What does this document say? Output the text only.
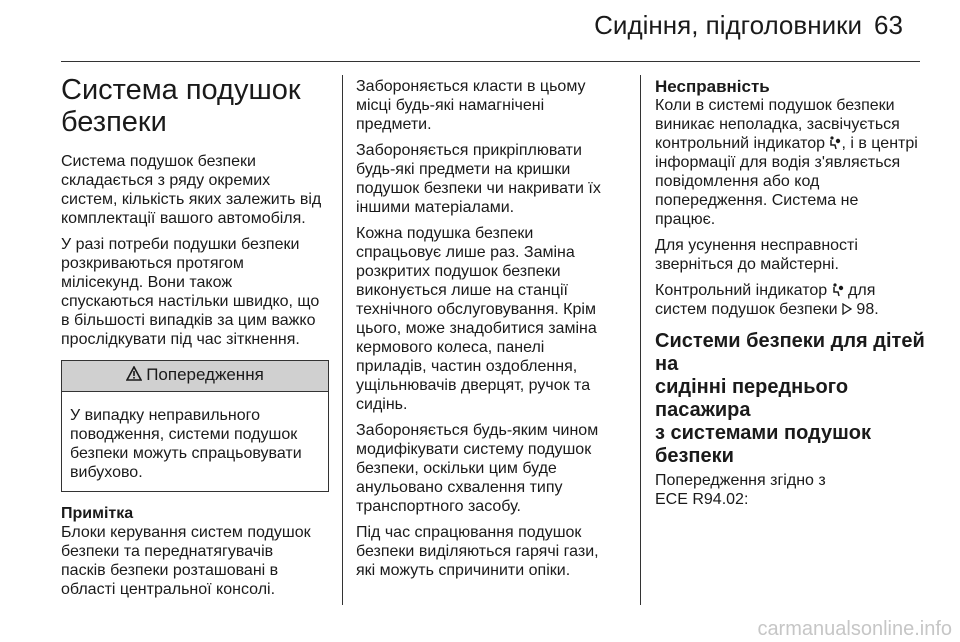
Сидіння, підголовники 63
Система подушок
безпеки
Система подушок безпеки
складається з ряду окремих
систем, кількість яких залежить від
комплектації вашого автомобіля.
У разі потреби подушки безпеки
розкриваються протягом
мілісекунд. Вони також
спускаються настільки швидко, що
в більшості випадків за цим важко
прослідкувати під час зіткнення.
Попередження
У випадку неправильного
поводження, системи подушок
безпеки можуть спрацьовувати
вибухово.
Примітка
Блоки керування систем подушок
безпеки та переднатягувачів
пасків безпеки розташовані в
області центральної консолі.
Забороняється класти в цьому
місці будь-які намагнічені
предмети.
Забороняється прикріплювати
будь-які предмети на кришки
подушок безпеки чи накривати їх
іншими матеріалами.
Кожна подушка безпеки
спрацьовує лише раз. Заміна
розкритих подушок безпеки
виконується лише на станції
технічного обслуговування. Крім
цього, може знадобитися заміна
кермового колеса, панелі
приладів, частин оздоблення,
ущільнювачів дверцят, ручок та
сидінь.
Забороняється будь-яким чином
модифікувати систему подушок
безпеки, оскільки цим буде
анульовано схвалення типу
транспортного засобу.
Під час спрацювання подушок
безпеки виділяються гарячі гази,
які можуть спричинити опіки.
Несправність
Коли в системі подушок безпеки
виникає неполадка, засвічується
контрольний індикатор , і в центрі
інформації для водія з'являється
повідомлення або код
попередження. Система не
працює.
Для усунення несправності
зверніться до майстерні.
Контрольний індикатор  для
систем подушок безпеки  98.
Системи безпеки для дітей на
сидінні переднього пасажира
з системами подушок безпеки
Попередження згідно з
ECE R94.02:
carmanualsonline.info
